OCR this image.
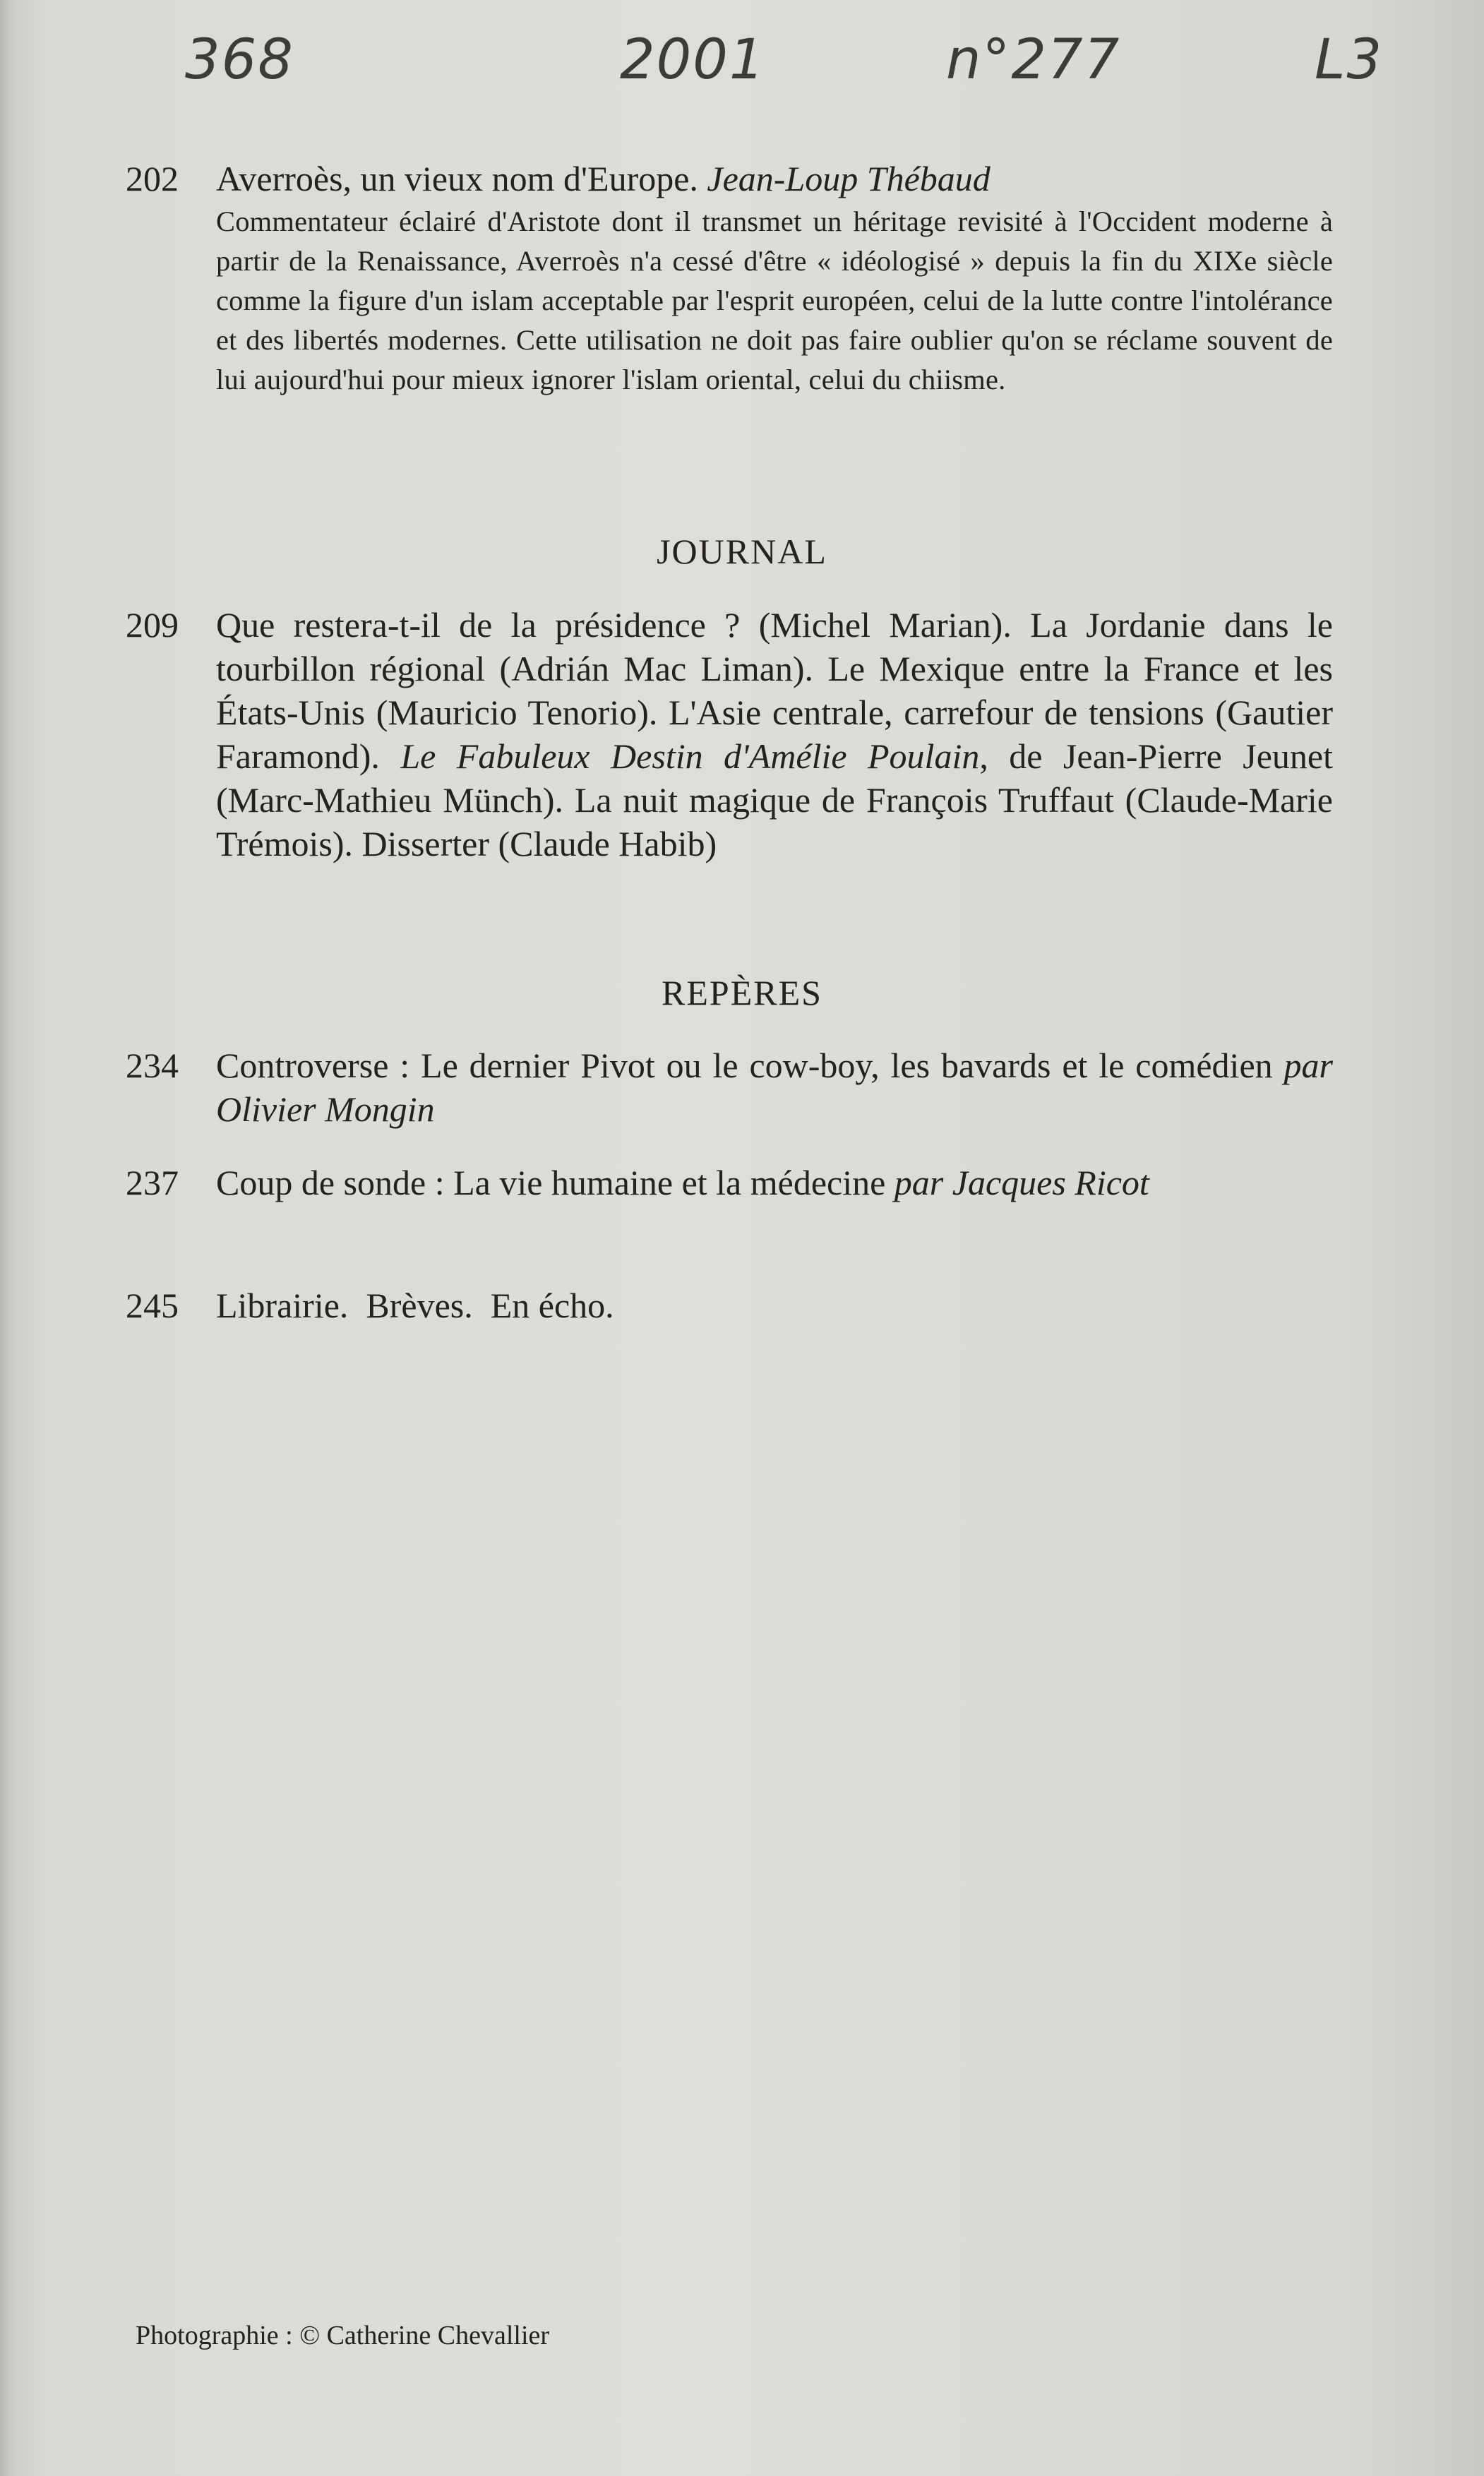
368	2001	n°277	L3
202 Averroès, un vieux nom d'Europe. Jean-Loup Thébaud
Commentateur éclairé d'Aristote dont il transmet un héritage revisité à l'Occident moderne à partir de la Renaissance, Averroès n'a cessé d'être « idéologisé » depuis la fin du XIXe siècle comme la figure d'un islam acceptable par l'esprit européen, celui de la lutte contre l'intolérance et des libertés modernes. Cette utilisation ne doit pas faire oublier qu'on se réclame souvent de lui aujourd'hui pour mieux ignorer l'islam oriental, celui du chiisme.
JOURNAL
209 Que restera-t-il de la présidence ? (Michel Marian). La Jordanie dans le tourbillon régional (Adrián Mac Liman). Le Mexique entre la France et les États-Unis (Mauricio Tenorio). L'Asie centrale, carrefour de tensions (Gautier Faramond). Le Fabuleux Destin d'Amélie Poulain, de Jean-Pierre Jeunet (Marc-Mathieu Münch). La nuit magique de François Truffaut (Claude-Marie Trémois). Disserter (Claude Habib)
REPÈRES
234 Controverse : Le dernier Pivot ou le cow-boy, les bavards et le comédien par Olivier Mongin
237 Coup de sonde : La vie humaine et la médecine par Jacques Ricot
245 Librairie.  Brèves.  En écho.
Photographie : © Catherine Chevallier
